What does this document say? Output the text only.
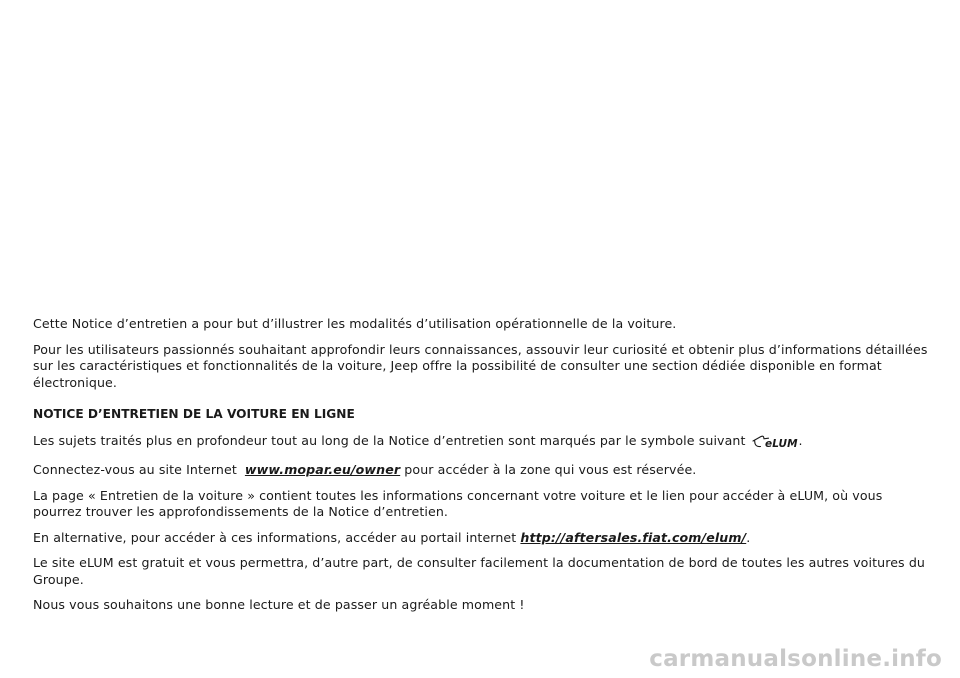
Cette Notice d’entretien a pour but d’illustrer les modalités d’utilisation opérationnelle de la voiture.

Pour les utilisateurs passionnés souhaitant approfondir leurs connaissances, assouvir leur curiosité et obtenir plus d’informations détaillées sur les caractéristiques et fonctionnalités de la voiture, Jeep offre la possibilité de consulter une section dédiée disponible en format électronique.

NOTICE D’ENTRETIEN DE LA VOITURE EN LIGNE

Les sujets traités plus en profondeur tout au long de la Notice d’entretien sont marqués par le symbole suivant eLUM .

Connectez-vous au site Internet www.mopar.eu/owner pour accéder à la zone qui vous est réservée.

La page « Entretien de la voiture » contient toutes les informations concernant votre voiture et le lien pour accéder à eLUM, où vous pourrez trouver les approfondissements de la Notice d’entretien.

En alternative, pour accéder à ces informations, accéder au portail internet http://aftersales.fiat.com/elum/.

Le site eLUM est gratuit et vous permettra, d’autre part, de consulter facilement la documentation de bord de toutes les autres voitures du Groupe.

Nous vous souhaitons une bonne lecture et de passer un agréable moment !

carmanualsonline.info
